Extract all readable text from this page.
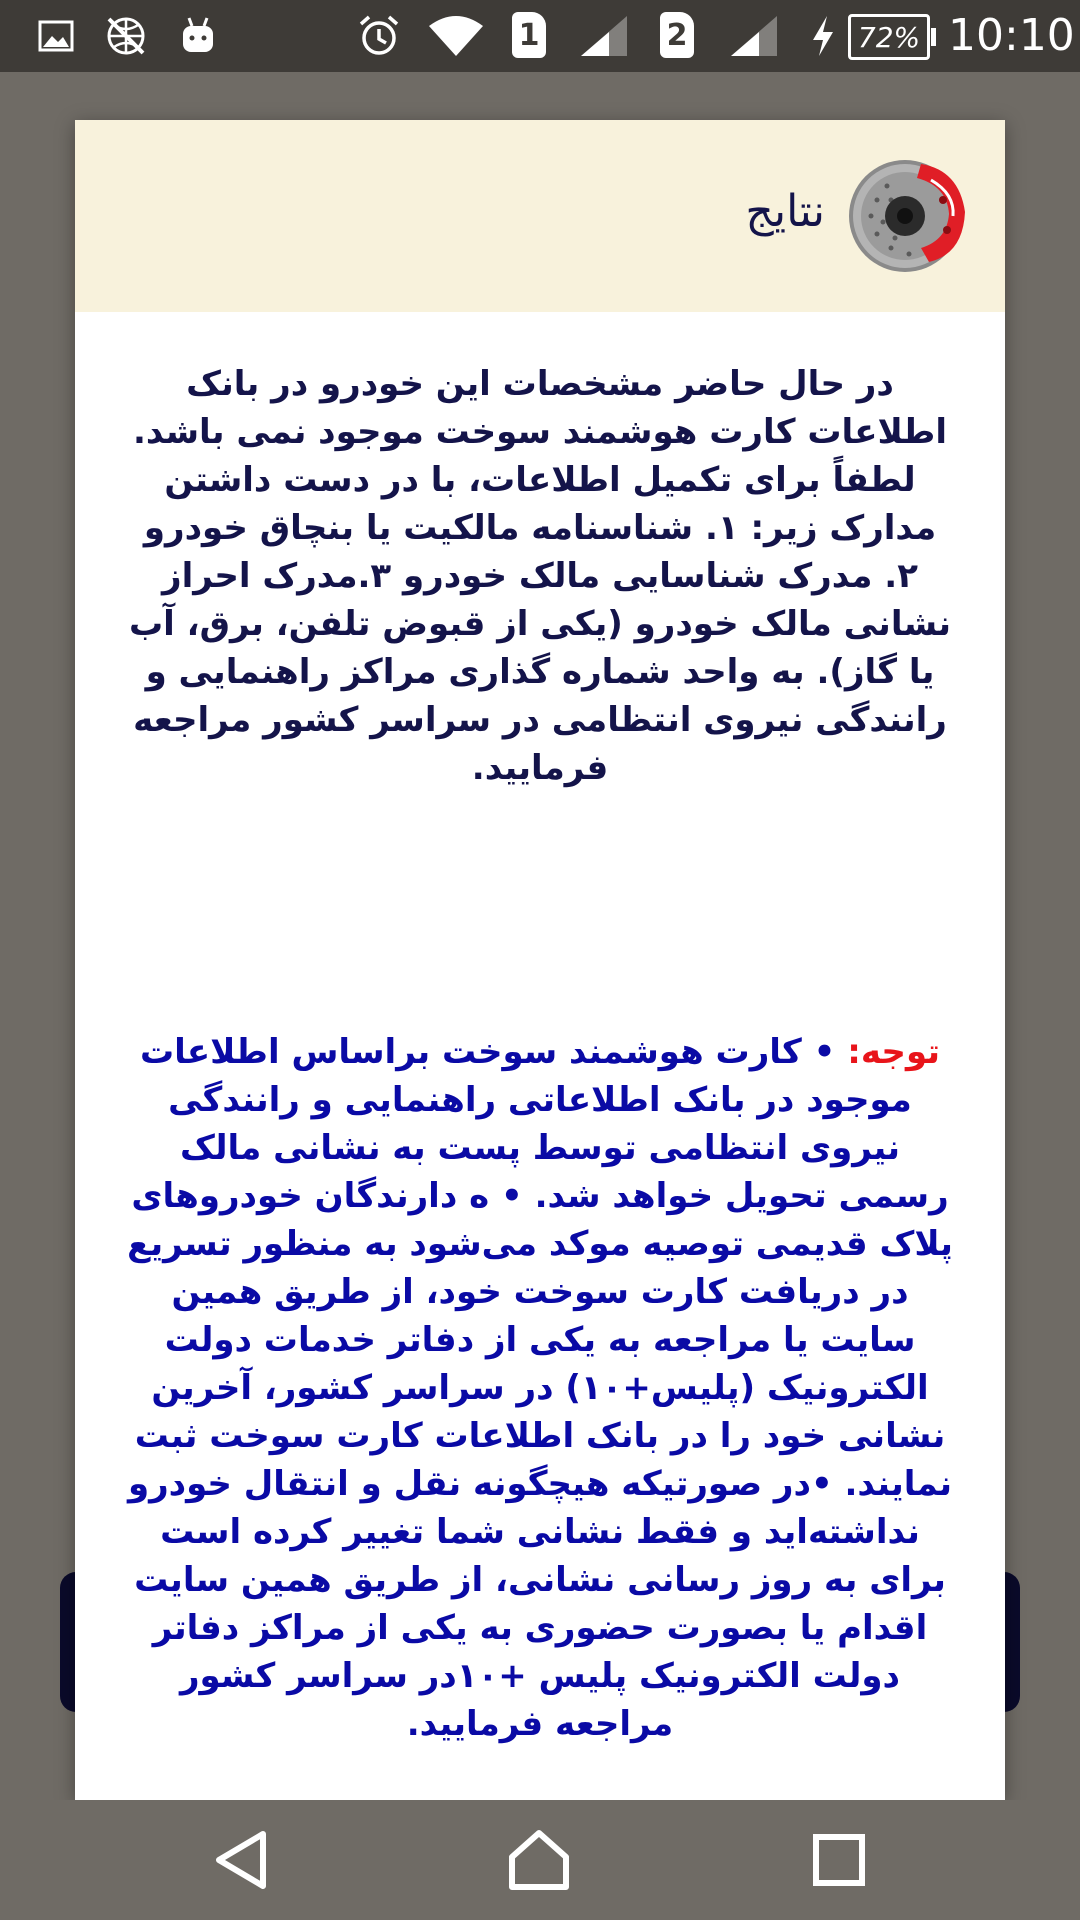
1	2	72% 10:10
نتایج
در حال حاضر مشخصات این خودرو در بانک اطلاعات کارت هوشمند سوخت موجود نمی باشد. لطفاً برای تکمیل اطلاعات، با در دست داشتن مدارک زیر: ۱. شناسنامه مالکیت یا بنچاق خودرو ۲. مدرک شناسایی مالک خودرو ۳.مدرک احراز نشانی مالک خودرو (یکی از قبوض تلفن، برق، آب یا گاز). به واحد شماره گذاری مراکز راهنمایی و رانندگی نیروی انتظامی در سراسر کشور مراجعه فرمایید.
توجه: • کارت هوشمند سوخت براساس اطلاعات موجود در بانک اطلاعاتی راهنمایی و رانندگی نیروی انتظامی توسط پست به نشانی مالک رسمی تحویل خواهد شد. • ه دارندگان خودروهای پلاک قدیمی توصیه موکد می‌شود به منظور تسریع در دریافت کارت سوخت خود، از طریق همین سایت یا مراجعه به یکی از دفاتر خدمات دولت الکترونیک (پلیس+۱۰) در سراسر کشور، آخرین نشانی خود را در بانک اطلاعات کارت سوخت ثبت نمایند. •در صورتیکه هیچگونه نقل و انتقال خودرو نداشته‌اید و فقط نشانی شما تغییر کرده است برای به روز رسانی نشانی، از طریق همین سایت اقدام یا بصورت حضوری به یکی از مراکز دفاتر دولت الکترونیک پلیس +۱۰در سراسر کشور مراجعه فرمایید.
